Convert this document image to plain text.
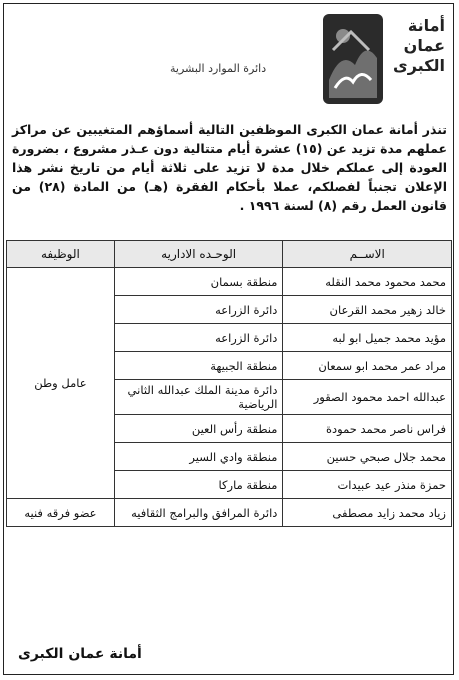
أمانة
عمان
الكبرى
دائرة الموارد البشرية
تنذر أمانة عمان الكبرى الموظفين التالية أسماؤهم المتغيبين عن مراكز عملهم مدة تزيد عن (١٥) عشرة أيام متتالية دون عـذر مشروع ، بضرورة العودة إلى عملكم خلال مدة لا تزيد على ثلاثة أيام من تاريخ نشر هذا الإعلان تجنباً لفصلكم، عملا بأحكام الفقرة (هـ) من المادة (٢٨) من قانون العمل رقم (٨) لسنة ١٩٩٦ .
الاســم	الوحـده الاداريه	الوظيفه
محمد محمود محمد النقله	منطقة بسمان	عامل وطن
خالد زهير محمد القرعان	دائرة الزراعه	
مؤيد محمد جميل ابو لبه	دائرة الزراعه	
مراد عمر محمد ابو سمعان	منطقة الجبيهة	
عبدالله احمد محمود الصقور	دائرة مدينة الملك عبدالله الثاني الرياضية	
فراس ناصر محمد حمودة	منطقة رأس العين	
محمد جلال صبحي حسين	منطقة وادي السير	
حمزة منذر عيد عبيدات	منطقة ماركا	
زياد محمد زايد مصطفى	دائرة المرافق والبرامج الثقافيه	عضو فرقه فنيه
أمانة عمان الكبرى
